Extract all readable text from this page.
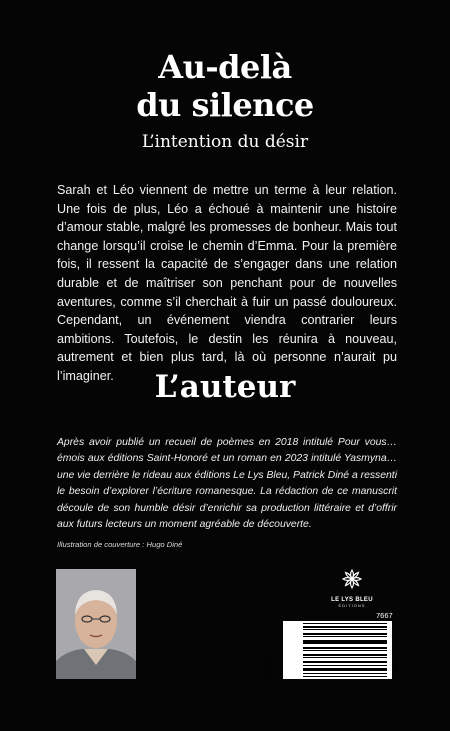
Au-delà
du silence
L’intention du désir
Sarah et Léo viennent de mettre un terme à leur relation. Une fois de plus, Léo a échoué à maintenir une histoire d’amour stable, malgré les promesses de bonheur. Mais tout change lorsqu’il croise le chemin d’Emma. Pour la première fois, il ressent la capacité de s’engager dans une relation durable et de maîtriser son penchant pour de nouvelles aventures, comme s’il cherchait à fuir un passé douloureux. Cependant, un événement viendra contrarier leurs ambitions. Toutefois, le destin les réunira à nouveau, autrement et bien plus tard, là où personne n’aurait pu l’imaginer.	L’auteur
Après avoir publié un recueil de poèmes en 2018 intitulé Pour vous… émois aux éditions Saint-Honoré et un roman en 2023 intitulé Yasmyna… une vie derrière le rideau aux éditions Le Lys Bleu, Patrick Diné a ressenti le besoin d’explorer l’écriture romanesque. La rédaction de ce manuscrit découle de son humble désir d’enrichir sa production littéraire et d’offrir aux futurs lecteurs un moment agréable de découverte.
Illustration de couverture : Hugo Diné
LE LYS BLEU
ÉDITIONS
7667
23,00 €	9 791042 221454
